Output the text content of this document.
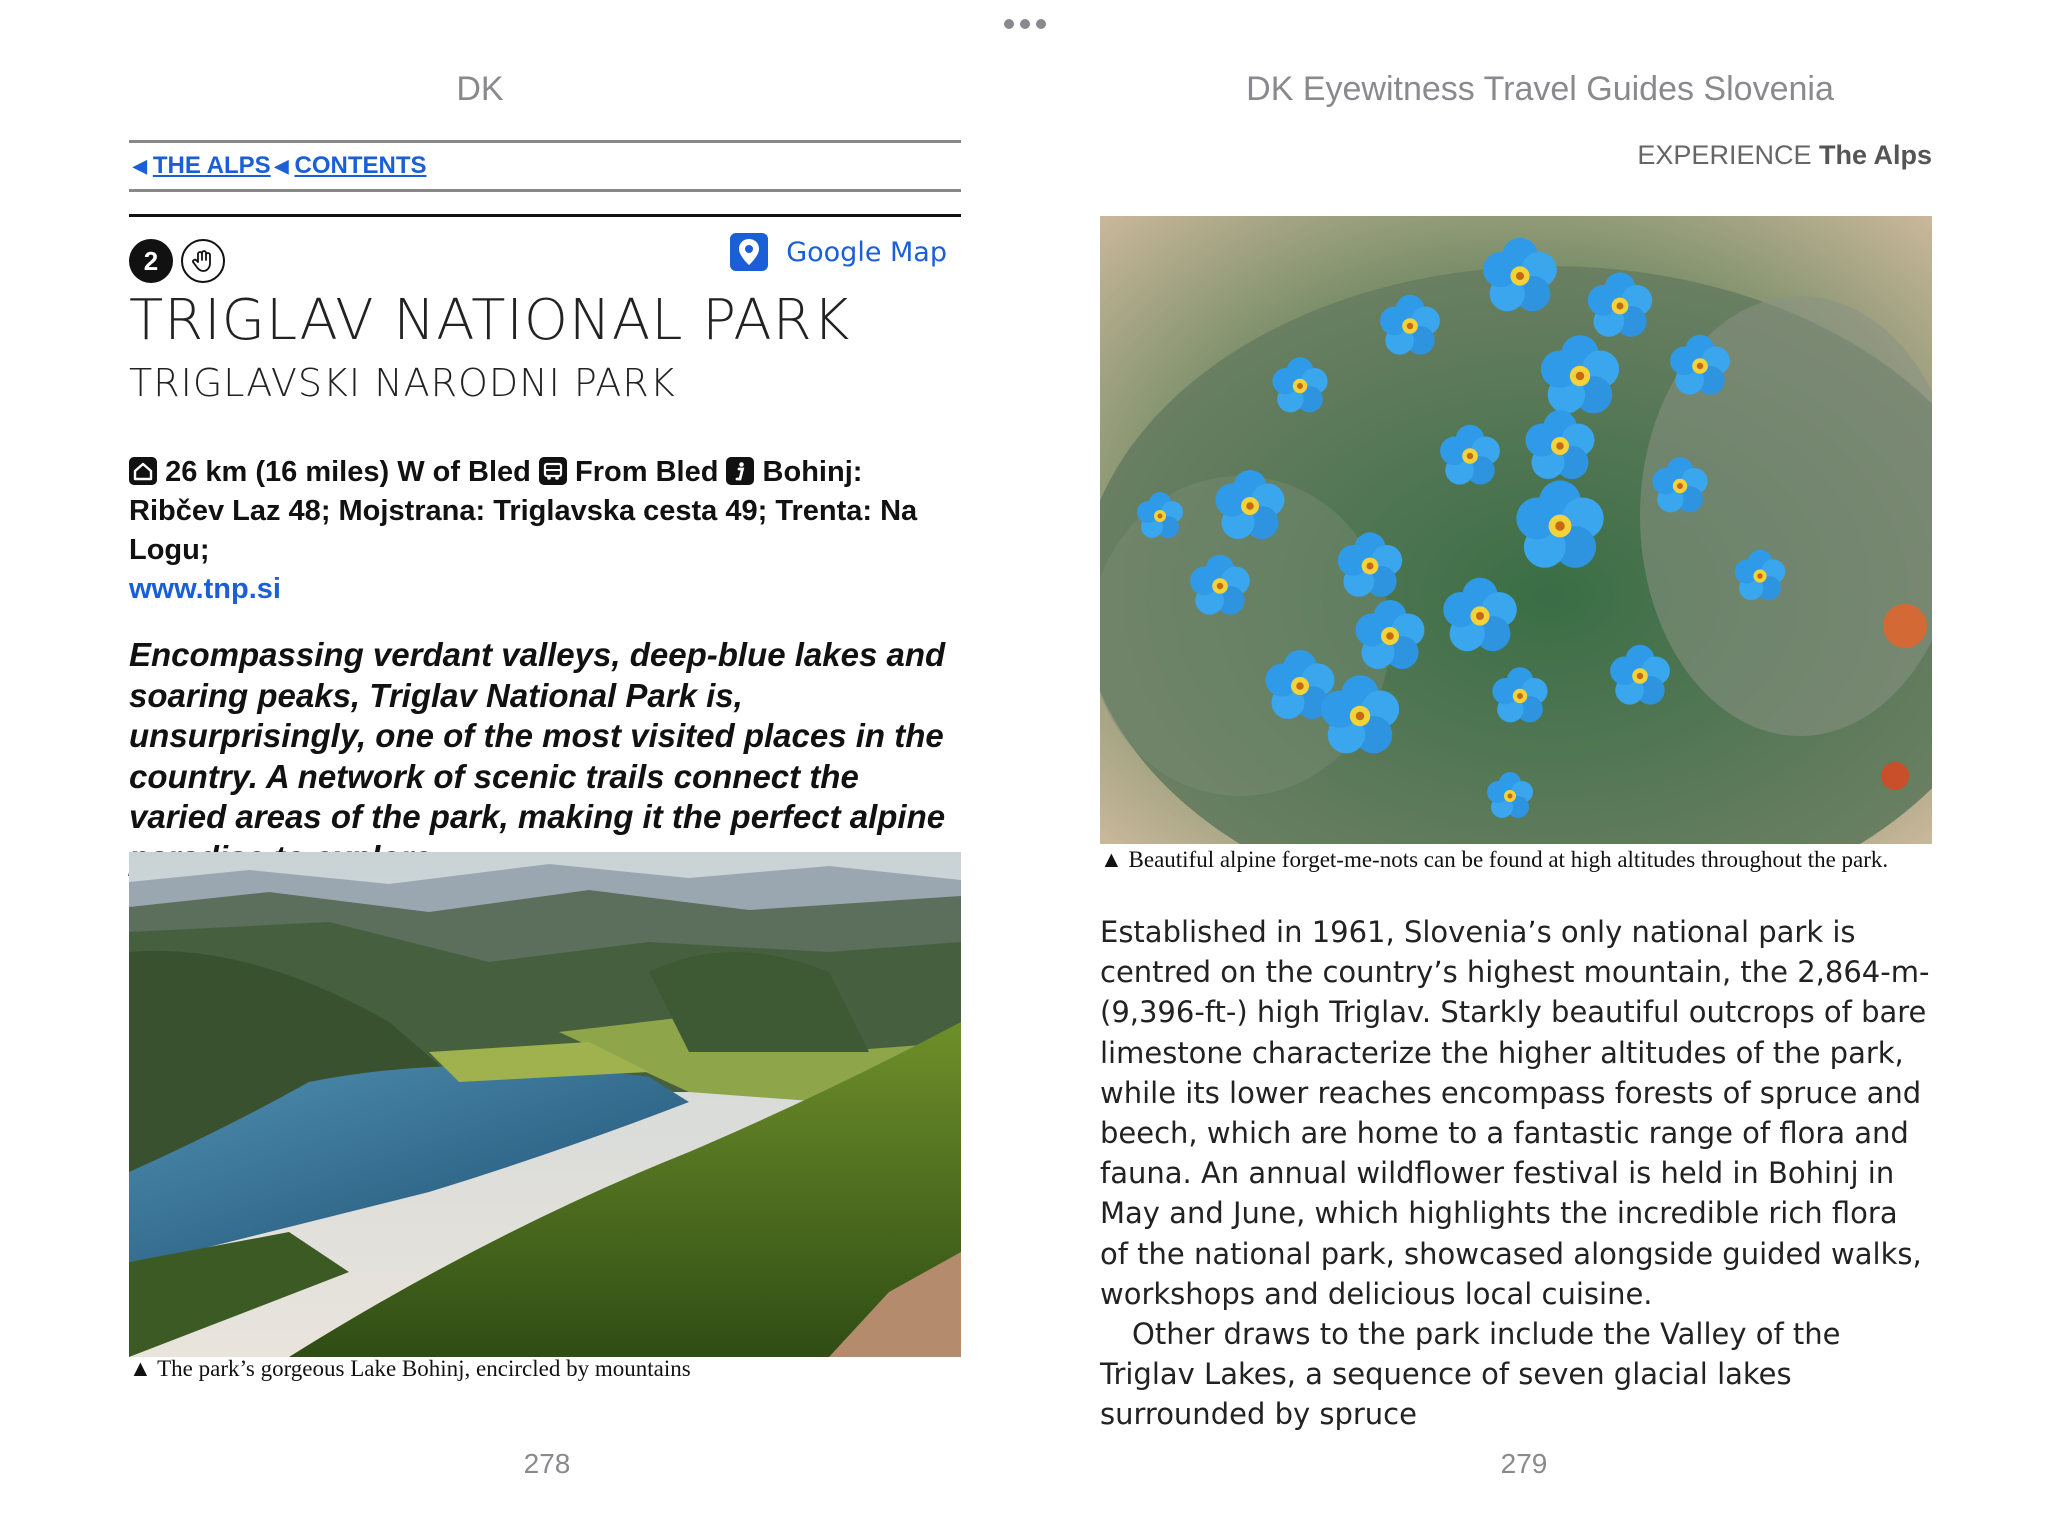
DK	DK Eyewitness Travel Guides Slovenia
◀ THE ALPS ◀ CONTENTS
2	Google Map
TRIGLAV NATIONAL PARK
TRIGLAVSKI NARODNI PARK
26 km (16 miles) W of Bled From Bled Bohinj: Ribčev Laz 48; Mojstrana: Triglavska cesta 49; Trenta: Na Logu;
www.tnp.si
Encompassing verdant valleys, deep-blue lakes and soaring peaks, Triglav National Park is, unsurprisingly, one of the most visited places in the country. A network of scenic trails connect the varied areas of the park, making it the perfect alpine
▲ The park’s gorgeous Lake Bohinj, encircled by mountains
EXPERIENCE The Alps
▲ Beautiful alpine forget-me-nots can be found at high altitudes throughout the park.

Established in 1961, Slovenia’s only national park is centred on the country’s highest mountain, the 2,864-m- (9,396-ft-) high Triglav. Starkly beautiful outcrops of bare limestone characterize the higher altitudes of the park, while its lower reaches encompass forests of spruce and beech, which are home to a fantastic range of flora and fauna. An annual wildflower festival is held in Bohinj in May and June, which highlights the incredible rich flora of the national park, showcased alongside guided walks, workshops and delicious local cuisine.

Other draws to the park include the Valley of the Triglav Lakes, a sequence of seven glacial lakes surrounded by spruce

278	279
